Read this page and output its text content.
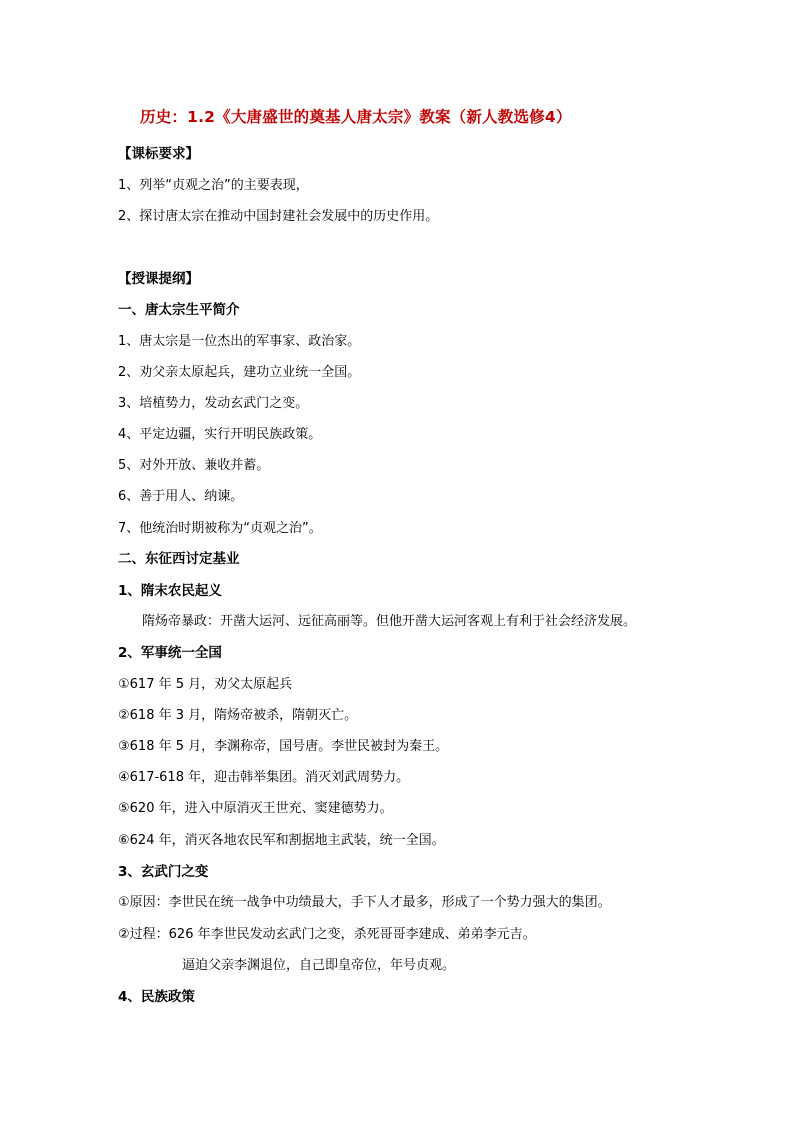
历史：1.2《大唐盛世的奠基人唐太宗》教案（新人教选修4）
【课标要求】
1、列举“贞观之治”的主要表现，
2、探讨唐太宗在推动中国封建社会发展中的历史作用。
【授课提纲】
一、唐太宗生平简介
1、唐太宗是一位杰出的军事家、政治家。
2、劝父亲太原起兵，建功立业统一全国。
3、培植势力，发动玄武门之变。
4、平定边疆，实行开明民族政策。
5、对外开放、兼收并蓄。
6、善于用人、纳谏。
7、他统治时期被称为“贞观之治”。
二、东征西讨定基业
1、隋末农民起义
隋炀帝暴政：开凿大运河、远征高丽等。但他开凿大运河客观上有利于社会经济发展。
2、军事统一全国
①617 年 5 月，劝父太原起兵
②618 年 3 月，隋炀帝被杀，隋朝灭亡。
③618 年 5 月，李渊称帝，国号唐。李世民被封为秦王。
④617-618 年，迎击韩举集团。消灭刘武周势力。
⑤620 年，进入中原消灭王世充、窦建德势力。
⑥624 年，消灭各地农民军和割据地主武装，统一全国。
3、玄武门之变
①原因：李世民在统一战争中功绩最大，手下人才最多，形成了一个势力强大的集团。
②过程：626 年李世民发动玄武门之变，杀死哥哥李建成、弟弟李元吉。
逼迫父亲李渊退位，自己即皇帝位，年号贞观。
4、民族政策
